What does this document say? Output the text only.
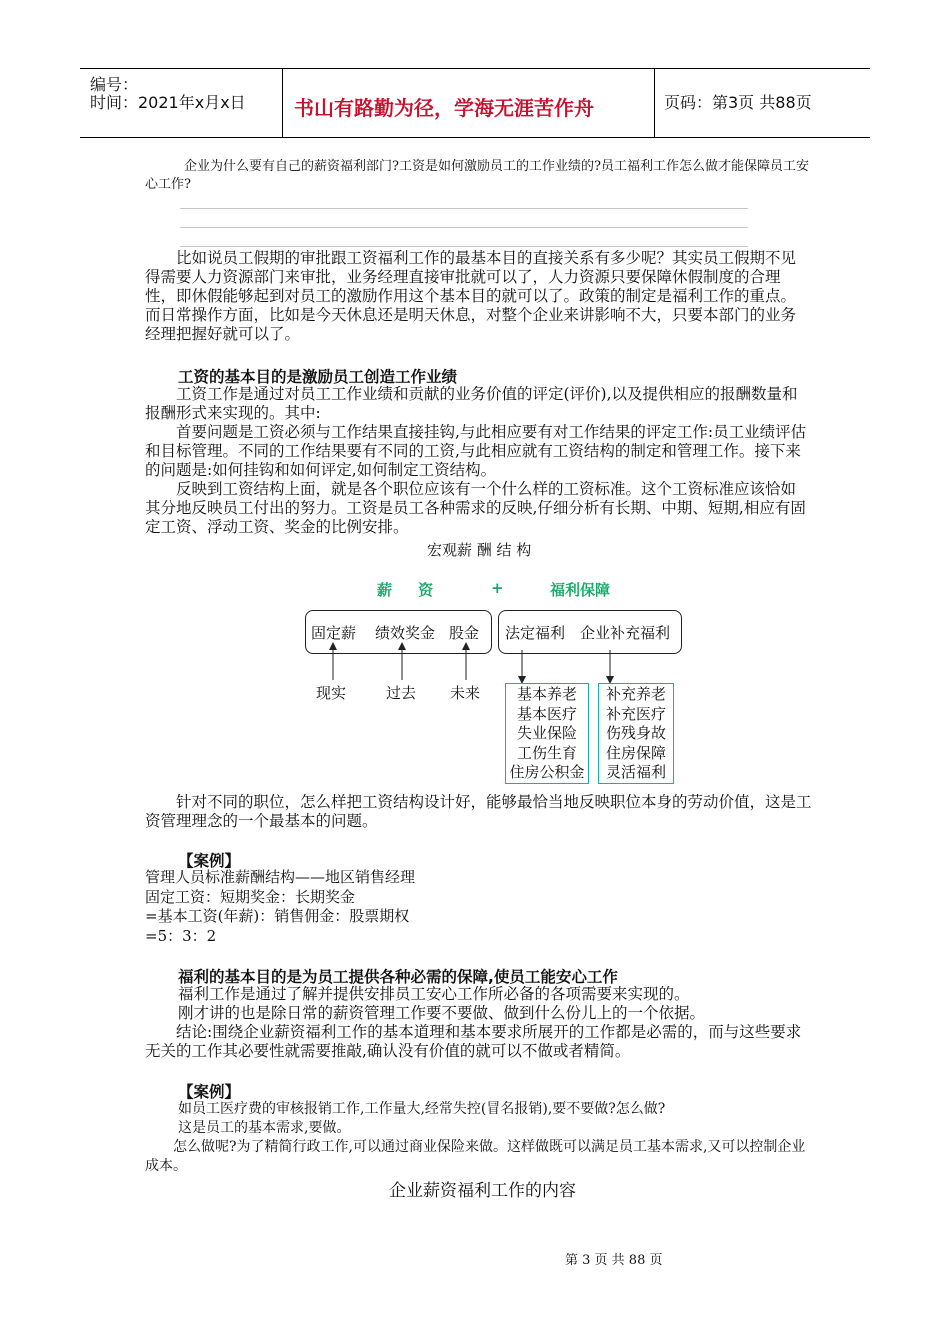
编号：
时间：2021年x月x日 书山有路勤为径，学海无涯苦作舟	页码：第3页 共88页
企业为什么要有自己的薪资福利部门?工资是如何激励员工的工作业绩的?员工福利工作怎么做才能保障员工安心工作?
比如说员工假期的审批跟工资福利工作的最基本目的直接关系有多少呢？其实员工假期不见得需要人力资源部门来审批，业务经理直接审批就可以了，人力资源只要保障休假制度的合理性，即休假能够起到对员工的激励作用这个基本目的就可以了。政策的制定是福利工作的重点。而日常操作方面，比如是今天休息还是明天休息，对整个企业来讲影响不大，只要本部门的业务经理把握好就可以了。
工资的基本目的是激励员工创造工作业绩
工资工作是通过对员工工作业绩和贡献的业务价值的评定(评价),以及提供相应的报酬数量和报酬形式来实现的。其中:
首要问题是工资必须与工作结果直接挂钩,与此相应要有对工作结果的评定工作:员工业绩评估和目标管理。不同的工作结果要有不同的工资,与此相应就有工资结构的制定和管理工作。接下来的问题是:如何挂钩和如何评定,如何制定工资结构。
反映到工资结构上面，就是各个职位应该有一个什么样的工资标准。这个工资标准应该恰如其分地反映员工付出的努力。工资是员工各种需求的反映,仔细分析有长期、中期、短期,相应有固定工资、浮动工资、奖金的比例安排。
宏观薪 酬 结 构
薪     资	+	福利保障
固定薪 绩效奖金 股金 法定福利 企业补充福利
现实	过去 未来	基本养老
基本医疗
失业保险
工伤生育
住房公积金
补充养老
补充医疗
伤残身故
住房保障
灵活福利
针对不同的职位，怎么样把工资结构设计好，能够最恰当地反映职位本身的劳动价值，这是工资管理理念的一个最基本的问题。
【案例】
管理人员标准薪酬结构——地区销售经理
固定工资：短期奖金：长期奖金
=基本工资(年薪)：销售佣金：股票期权
=5：3：2
福利的基本目的是为员工提供各种必需的保障,使员工能安心工作
福利工作是通过了解并提供安排员工安心工作所必备的各项需要来实现的。
刚才讲的也是除日常的薪资管理工作要不要做、做到什么份儿上的一个依据。
结论:围绕企业薪资福利工作的基本道理和基本要求所展开的工作都是必需的，而与这些要求无关的工作其必要性就需要推敲,确认没有价值的就可以不做或者精简。
【案例】
如员工医疗费的审核报销工作,工作量大,经常失控(冒名报销),要不要做?怎么做?
这是员工的基本需求,要做。
怎么做呢?为了精简行政工作,可以通过商业保险来做。这样做既可以满足员工基本需求,又可以控制企业成本。
企业薪资福利工作的内容
第 3 页 共 88 页
